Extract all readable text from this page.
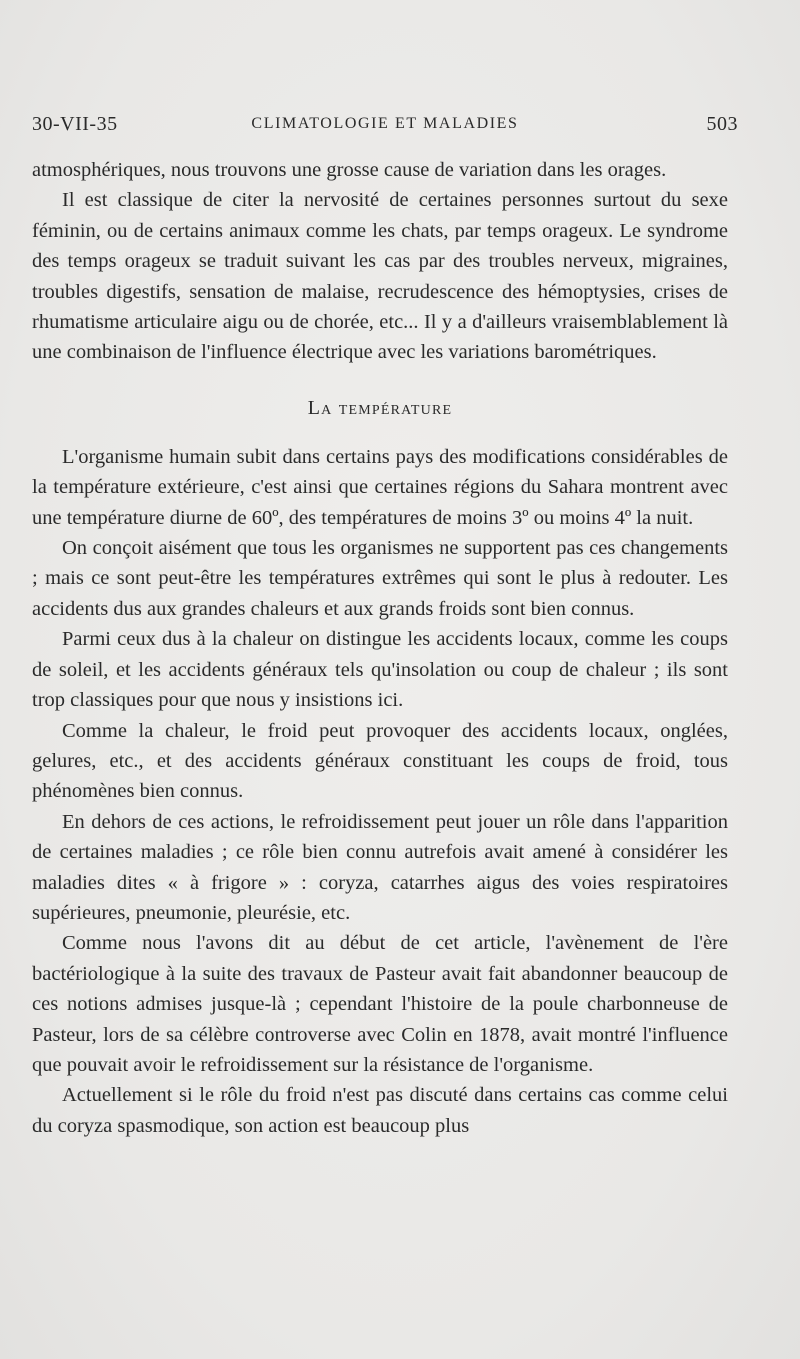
30-VII-35	CLIMATOLOGIE ET MALADIES	503

atmosphériques, nous trouvons une grosse cause de variation dans les orages.

Il est classique de citer la nervosité de certaines personnes surtout du sexe féminin, ou de certains animaux comme les chats, par temps orageux. Le syndrome des temps orageux se traduit suivant les cas par des troubles nerveux, migraines, troubles digestifs, sensation de malaise, recrudescence des hémoptysies, crises de rhumatisme articulaire aigu ou de chorée, etc... Il y a d'ailleurs vraisemblablement là une combinaison de l'influence électrique avec les variations barométriques.

La température

L'organisme humain subit dans certains pays des modifications considérables de la température extérieure, c'est ainsi que certaines régions du Sahara montrent avec une température diurne de 60º, des températures de moins 3º ou moins 4º la nuit.

On conçoit aisément que tous les organismes ne supportent pas ces changements ; mais ce sont peut-être les températures extrêmes qui sont le plus à redouter. Les accidents dus aux grandes chaleurs et aux grands froids sont bien connus.

Parmi ceux dus à la chaleur on distingue les accidents locaux, comme les coups de soleil, et les accidents généraux tels qu'insolation ou coup de chaleur ; ils sont trop classiques pour que nous y insistions ici.

Comme la chaleur, le froid peut provoquer des accidents locaux, onglées, gelures, etc., et des accidents généraux constituant les coups de froid, tous phénomènes bien connus.

En dehors de ces actions, le refroidissement peut jouer un rôle dans l'apparition de certaines maladies ; ce rôle bien connu autrefois avait amené à considérer les maladies dites « à frigore » : coryza, catarrhes aigus des voies respiratoires supérieures, pneumonie, pleurésie, etc.

Comme nous l'avons dit au début de cet article, l'avènement de l'ère bactériologique à la suite des travaux de Pasteur avait fait abandonner beaucoup de ces notions admises jusque-là ; cependant l'histoire de la poule charbonneuse de Pasteur, lors de sa célèbre controverse avec Colin en 1878, avait montré l'influence que pouvait avoir le refroidissement sur la résistance de l'organisme.

Actuellement si le rôle du froid n'est pas discuté dans certains cas comme celui du coryza spasmodique, son action est beaucoup plus
